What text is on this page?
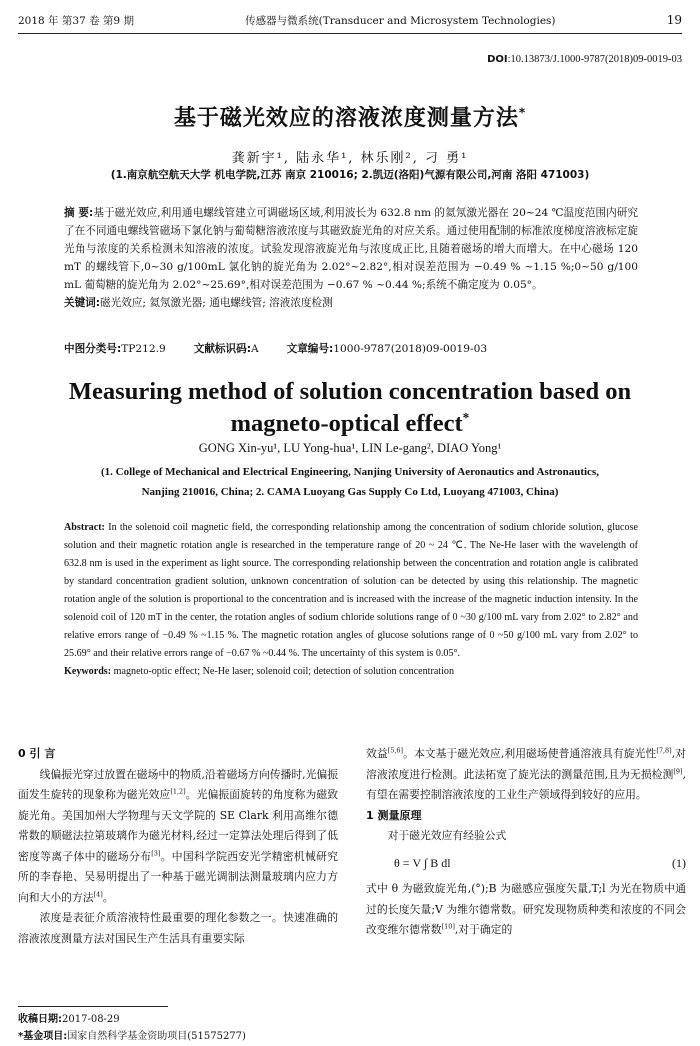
2018 年 第37 卷 第9 期	传感器与微系统(Transducer and Microsystem Technologies)	19
DOI:10.13873/J.1000-9787(2018)09-0019-03
基于磁光效应的溶液浓度测量方法*
龚新宇¹, 陆永华¹, 林乐刚², 刁 勇¹
(1.南京航空航天大学 机电学院,江苏 南京 210016; 2.凯迈(洛阳)气源有限公司,河南 洛阳 471003)
摘 要:基于磁光效应,利用通电螺线管建立可调磁场区域,利用波长为 632.8 nm 的氦氖激光器在 20~24 ℃温度范围内研究了在不同通电螺线管磁场下氯化钠与葡萄糖溶液浓度与其磁致旋光角的对应关系。通过使用配制的标准浓度梯度溶液标定旋光角与浓度的关系检测未知溶液的浓度。试验发现溶液旋光角与浓度成正比,且随着磁场的增大而增大。在中心磁场 120 mT 的螺线管下,0~30 g/100mL 氯化钠的旋光角为 2.02°~2.82°,相对误差范围为 −0.49 % ~1.15 %;0~50 g/100 mL 葡萄糖的旋光角为 2.02°~25.69°,相对误差范围为 −0.67 % ~0.44 %;系统不确定度为 0.05°。
关键词:磁光效应; 氦氖激光器; 通电螺线管; 溶液浓度检测
中图分类号:TP212.9	文献标识码:A	文章编号:1000-9787(2018)09-0019-03
Measuring method of solution concentration based on
magneto-optical effect*
GONG Xin-yu¹, LU Yong-hua¹, LIN Le-gang², DIAO Yong¹
(1. College of Mechanical and Electrical Engineering, Nanjing University of Aeronautics and Astronautics,
Nanjing 210016, China; 2. CAMA Luoyang Gas Supply Co Ltd, Luoyang 471003, China)
Abstract: In the solenoid coil magnetic field, the corresponding relationship among the concentration of sodium chloride solution, glucose solution and their magnetic rotation angle is researched in the temperature range of 20 ~ 24 ℃. The Ne-He laser with the wavelength of 632.8 nm is used in the experiment as light source. The corresponding relationship between the concentration and rotation angle is calibrated by standard concentration gradient solution, unknown concentration of solution can be detected by using this relationship. The magnetic rotation angle of the solution is proportional to the concentration and is increased with the increase of the magnetic induction intensity. In the solenoid coil of 120 mT in the center, the rotation angles of sodium chloride solutions range of 0 ~30 g/100 mL vary from 2.02° to 2.82° and relative errors range of −0.49 % ~1.15 %. The magnetic rotation angles of glucose solutions range of 0 ~50 g/100 mL vary from 2.02° to 25.69° and their relative errors range of −0.67 % ~0.44 %. The uncertainty of this system is 0.05°.
Keywords: magneto-optic effect; Ne-He laser; solenoid coil; detection of solution concentration
0 引 言

线偏振光穿过放置在磁场中的物质,沿着磁场方向传播时,光偏振面发生旋转的现象称为磁光效应[1,2]。光偏振面旋转的角度称为磁致旋光角。美国加州大学物理与天文学院的 SE Clark 利用高维尔德常数的顺磁法拉第玻璃作为磁光材料,经过一定算法处理后得到了低密度等离子体中的磁场分布[3]。中国科学院西安光学精密机械研究所的李春艳、吴易明提出了一种基于磁光调制法测量玻璃内应力方向和大小的方法[4]。

浓度是表征介质溶液特性最重要的理化参数之一。快速准确的溶液浓度测量方法对国民生产生活具有重要实际

效益[5,6]。本文基于磁光效应,利用磁场使普通溶液具有旋光性[7,8],对溶液浓度进行检测。此法拓宽了旋光法的测量范围,且为无损检测[9],有望在需要控制溶液浓度的工业生产领域得到较好的应用。

1 测量原理

对于磁光效应有经验公式

θ = V ∫ B dl	(1)

式中 θ 为磁致旋光角,(°);B 为磁感应强度矢量,T;l 为光在物质中通过的长度矢量;V 为维尔德常数。研究发现物质种类和浓度的不同会改变维尔德常数[10],对于确定的

收稿日期:2017-08-29
*基金项目:国家自然科学基金资助项目(51575277)
